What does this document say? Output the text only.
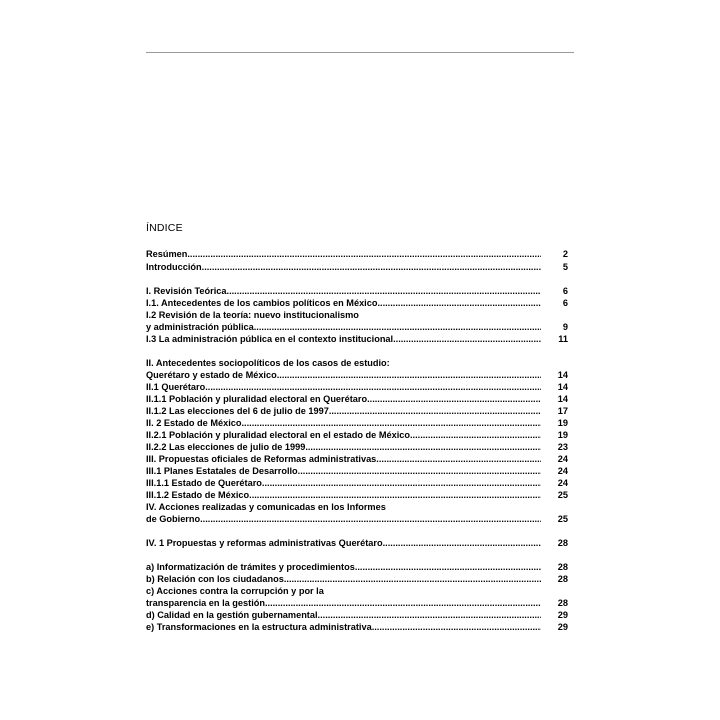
ÍNDICE
Resúmen .....	2
Introducción .....	5
I. Revisión Teórica .....	6
I.1. Antecedentes de los cambios políticos en México .....	6
I.2 Revisión de la teoría: nuevo institucionalismo
y administración pública .....	9
I.3 La administración pública en el contexto institucional .....	11
II. Antecedentes sociopolíticos de los casos de estudio:
Querétaro y estado de México .....	14
II.1 Querétaro .....	14
II.1.1 Población y pluralidad electoral en Querétaro .....	14
II.1.2 Las elecciones del 6 de julio de 1997 .....	17
II. 2 Estado de México .....	19
II.2.1 Población y pluralidad electoral en el estado de México .....	19
II.2.2 Las elecciones de julio de 1999 .....	23
III. Propuestas oficiales de Reformas administrativas .....	24
III.1 Planes Estatales de Desarrollo .....	24
III.1.1 Estado de Querétaro .....	24
III.1.2 Estado de México .....	25
IV. Acciones realizadas y comunicadas en los Informes
de Gobierno .....	25
IV. 1 Propuestas y reformas administrativas Querétaro .....	28
a) Informatización de trámites y procedimientos .....	28
b) Relación con los ciudadanos .....	28
c) Acciones contra la corrupción y por la
transparencia en la gestión .....	28
d) Calidad en la gestión gubernamental .....	29
e) Transformaciones en la estructura administrativa .....	29
